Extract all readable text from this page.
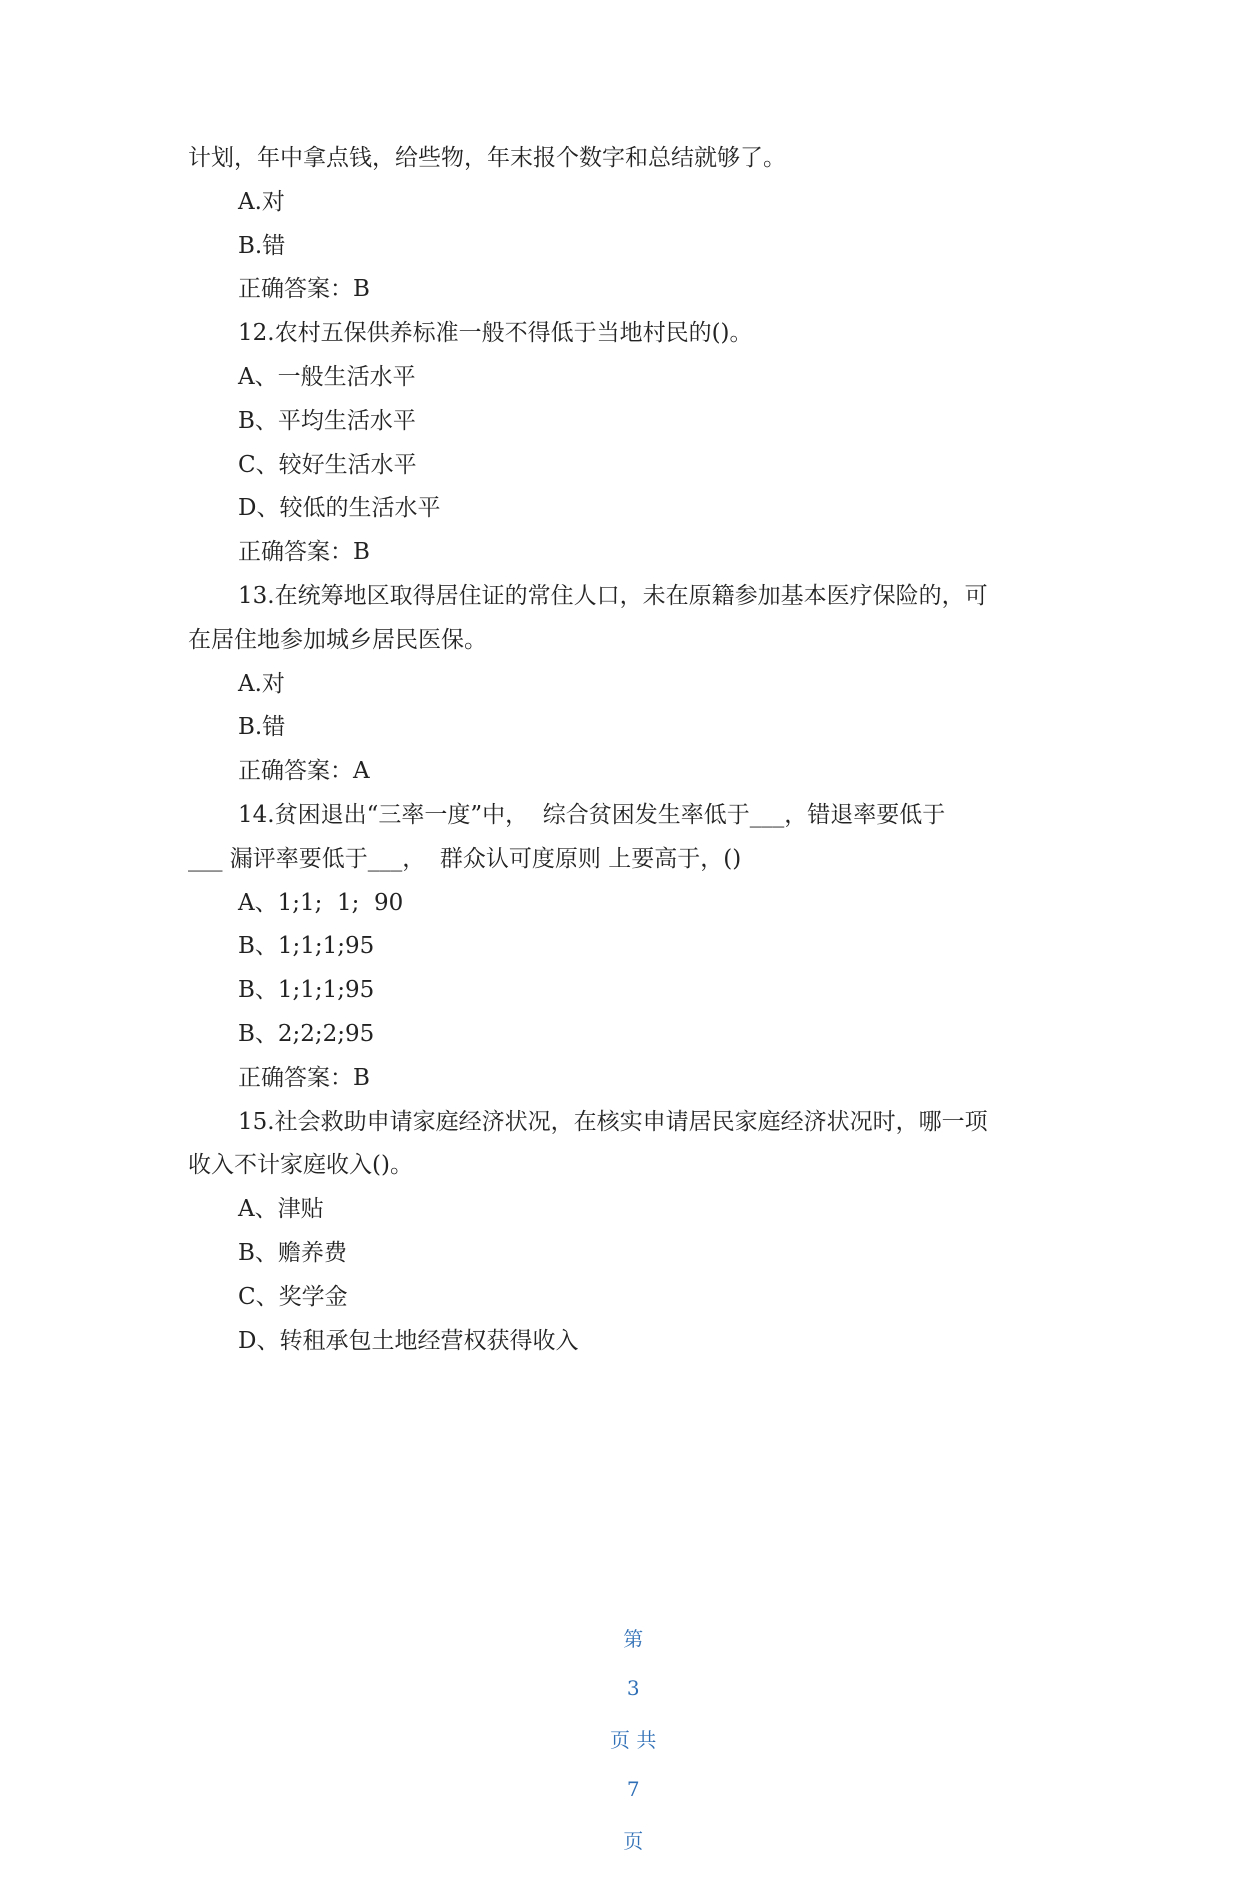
计划，年中拿点钱，给些物，年末报个数字和总结就够了。
A.对
B.错
正确答案：B
12.农村五保供养标准一般不得低于当地村民的()。
A、一般生活水平
B、平均生活水平
C、较好生活水平
D、较低的生活水平
正确答案：B
13.在统筹地区取得居住证的常住人口，未在原籍参加基本医疗保险的，可
在居住地参加城乡居民医保。
A.对
B.错
正确答案：A
14.贫困退出“三率一度”中，  综合贫困发生率低于___，错退率要低于
___ 漏评率要低于___，  群众认可度原则 上要高于，()
A、1;1;  1;  90
B、1;1;1;95
B、1;1;1;95
B、2;2;2;95
正确答案：B
15.社会救助申请家庭经济状况，在核实申请居民家庭经济状况时，哪一项
收入不计家庭收入()。
A、津贴
B、赡养费
C、奖学金
D、转租承包土地经营权获得收入

第

3

页 共

7

页
